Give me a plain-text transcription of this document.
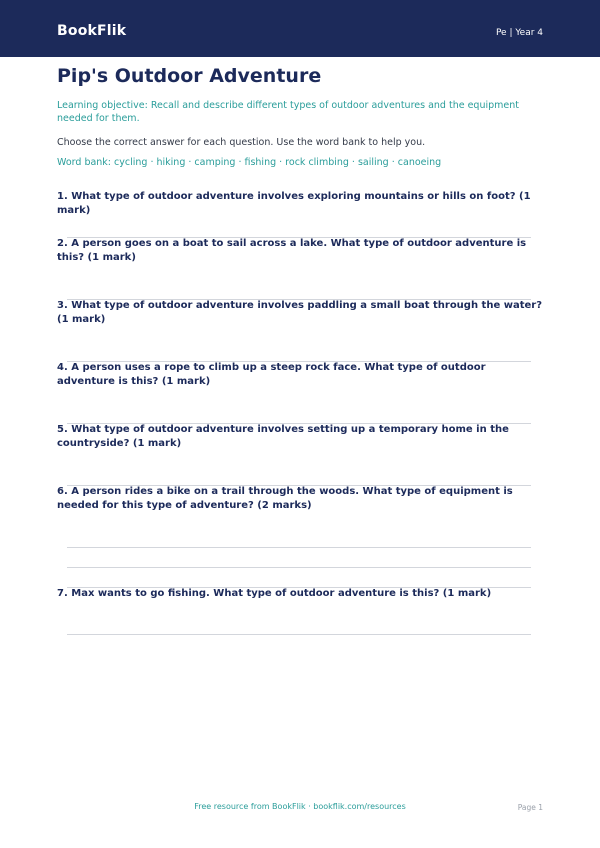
BookFlik	Pe | Year 4
Pip's Outdoor Adventure
Learning objective: Recall and describe different types of outdoor adventures and the equipment needed for them.
Choose the correct answer for each question. Use the word bank to help you.
Word bank: cycling · hiking · camping · fishing · rock climbing · sailing · canoeing
1. What type of outdoor adventure involves exploring mountains or hills on foot? (1 mark)
2. A person goes on a boat to sail across a lake. What type of outdoor adventure is this? (1 mark)
3. What type of outdoor adventure involves paddling a small boat through the water? (1 mark)
4. A person uses a rope to climb up a steep rock face. What type of outdoor adventure is this? (1 mark)
5. What type of outdoor adventure involves setting up a temporary home in the countryside? (1 mark)
6. A person rides a bike on a trail through the woods. What type of equipment is needed for this type of adventure? (2 marks)
7. Max wants to go fishing. What type of outdoor adventure is this? (1 mark)
Free resource from BookFlik · bookflik.com/resources	Page 1
